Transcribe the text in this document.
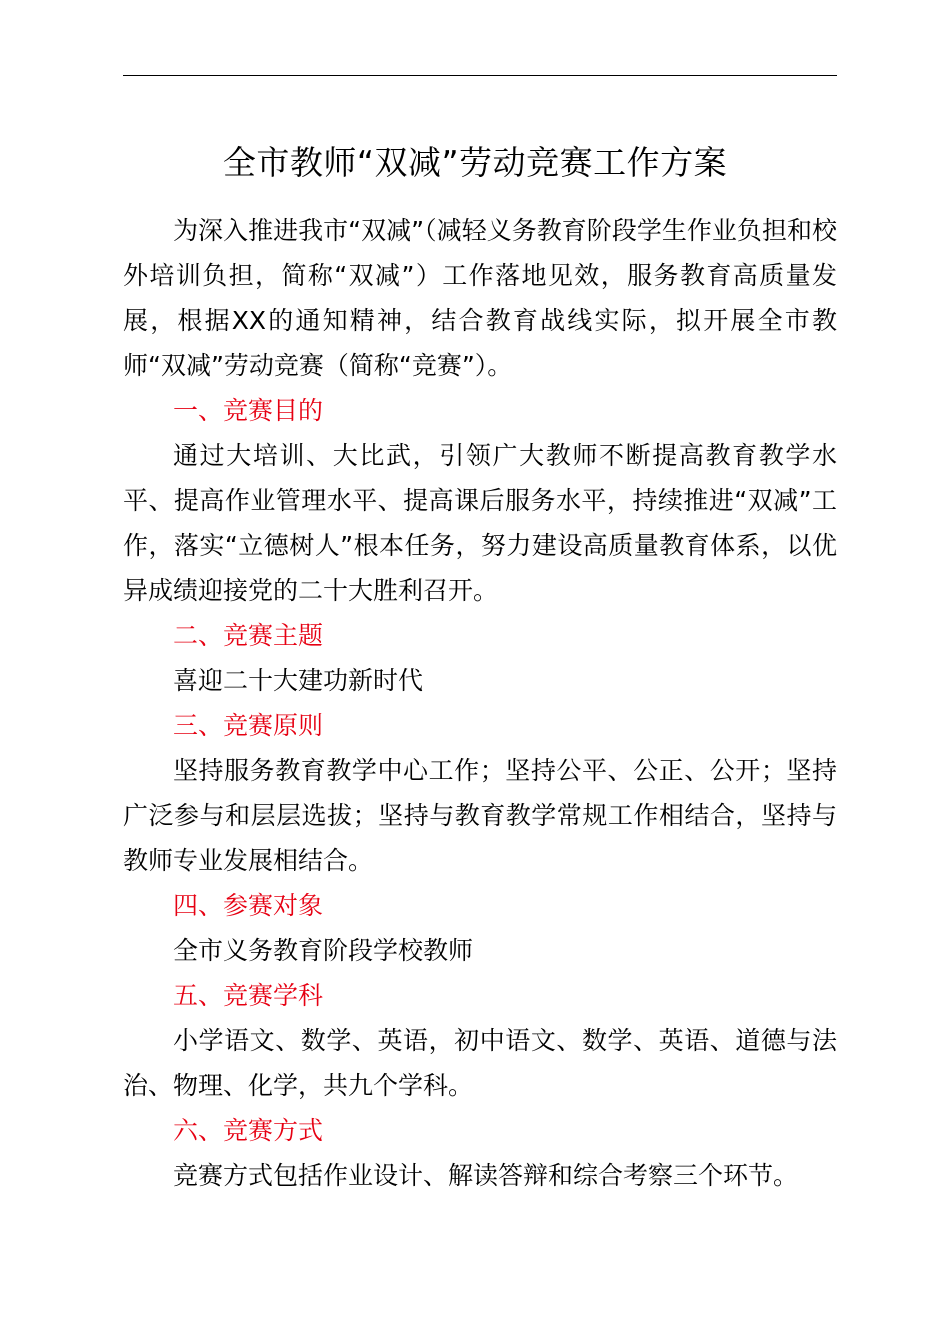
全市教师“双减”劳动竞赛工作方案

为深入推进我市“双减”（减轻义务教育阶段学生作业负担和校外培训负担，简称“双减”）工作落地见效，服务教育高质量发展，根据XX的通知精神，结合教育战线实际，拟开展全市教师“双减”劳动竞赛（简称“竞赛”）。

一、竞赛目的

通过大培训、大比武，引领广大教师不断提高教育教学水平、提高作业管理水平、提高课后服务水平，持续推进“双减”工作，落实“立德树人”根本任务，努力建设高质量教育体系，以优异成绩迎接党的二十大胜利召开。

二、竞赛主题

喜迎二十大建功新时代

三、竞赛原则

坚持服务教育教学中心工作；坚持公平、公正、公开；坚持广泛参与和层层选拔；坚持与教育教学常规工作相结合，坚持与教师专业发展相结合。

四、参赛对象

全市义务教育阶段学校教师

五、竞赛学科

小学语文、数学、英语，初中语文、数学、英语、道德与法治、物理、化学，共九个学科。

六、竞赛方式

竞赛方式包括作业设计、解读答辩和综合考察三个环节。
